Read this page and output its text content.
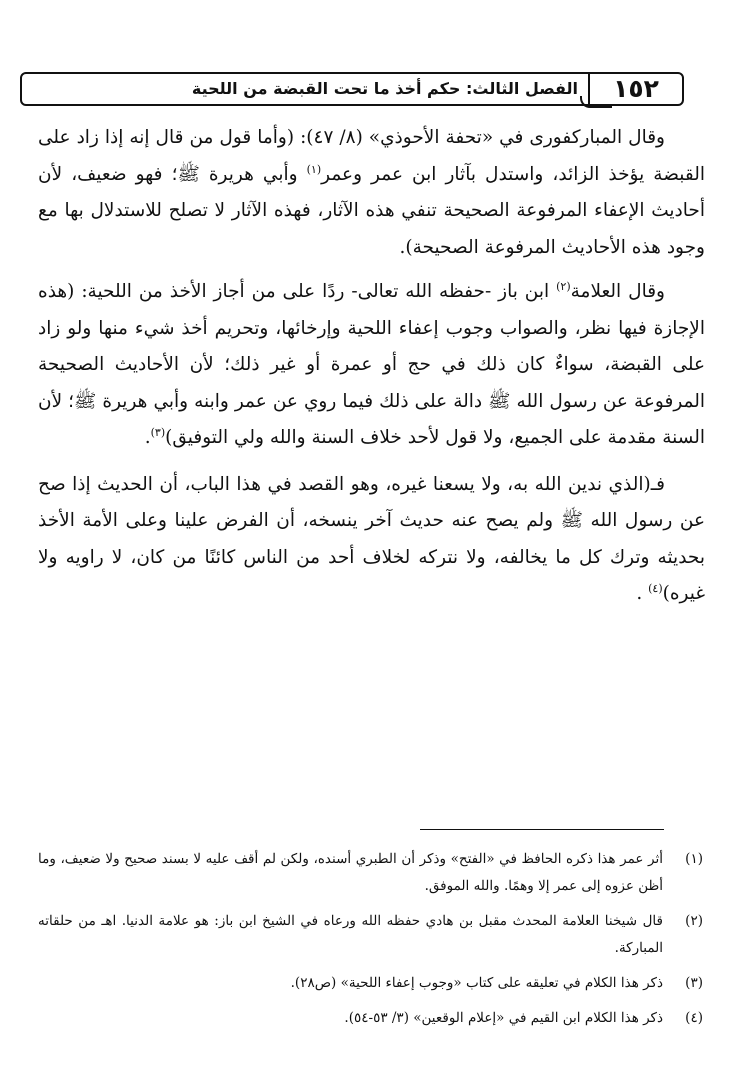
١٥٢
الفصل الثالث: حكم أخذ ما تحت القبضة من اللحية

وقال المباركفورى في «تحفة الأحوذي» (٨/ ٤٧): (وأما قول من قال إنه إذا زاد على القبضة يؤخذ الزائد، واستدل بآثار ابن عمر وعمر$^{(١)}$ وأبي هريرة ﷺ؛ فهو ضعيف، لأن أحاديث الإعفاء المرفوعة الصحيحة تنفي هذه الآثار، فهذه الآثار لا تصلح للاستدلال بها مع وجود هذه الأحاديث المرفوعة الصحيحة).

وقال العلامة$^{(٢)}$ ابن باز -حفظه الله تعالى- ردًا على من أجاز الأخذ من اللحية: (هذه الإجازة فيها نظر، والصواب وجوب إعفاء اللحية وإرخائها، وتحريم أخذ شيء منها ولو زاد على القبضة، سواءٌ كان ذلك في حج أو عمرة أو غير ذلك؛ لأن الأحاديث الصحيحة المرفوعة عن رسول الله ﷺ دالة على ذلك فيما روي عن عمر وابنه وأبي هريرة ﷺ؛ لأن السنة مقدمة على الجميع، ولا قول لأحد خلاف السنة والله ولي التوفيق)$^{(٣)}$.

فـ(الذي ندين الله به، ولا يسعنا غيره، وهو القصد في هذا الباب، أن الحديث إذا صح عن رسول الله ﷺ ولم يصح عنه حديث آخر ينسخه، أن الفرض علينا وعلى الأمة الأخذ بحديثه وترك كل ما يخالفه، ولا نتركه لخلاف أحد من الناس كائنًا من كان، لا راويه ولا غيره)$^{(٤)}$ .

(١)
أثر عمر هذا ذكره الحافظ في «الفتح» وذكر أن الطبري أسنده، ولكن لم أقف عليه لا بسند صحيح ولا ضعيف، وما أظن عزوه إلى عمر إلا وهمًا. والله الموفق.
(٢)
قال شيخنا العلامة المحدث مقبل بن هادي حفظه الله ورعاه في الشيخ ابن باز: هو علامة الدنيا. اهـ من حلقاته المباركة.
(٣)
ذكر هذا الكلام في تعليقه على كتاب «وجوب إعفاء اللحية» (ص٢٨).
(٤)
ذكر هذا الكلام ابن القيم في «إعلام الوقعين» (٣/ ٥٣-٥٤).
